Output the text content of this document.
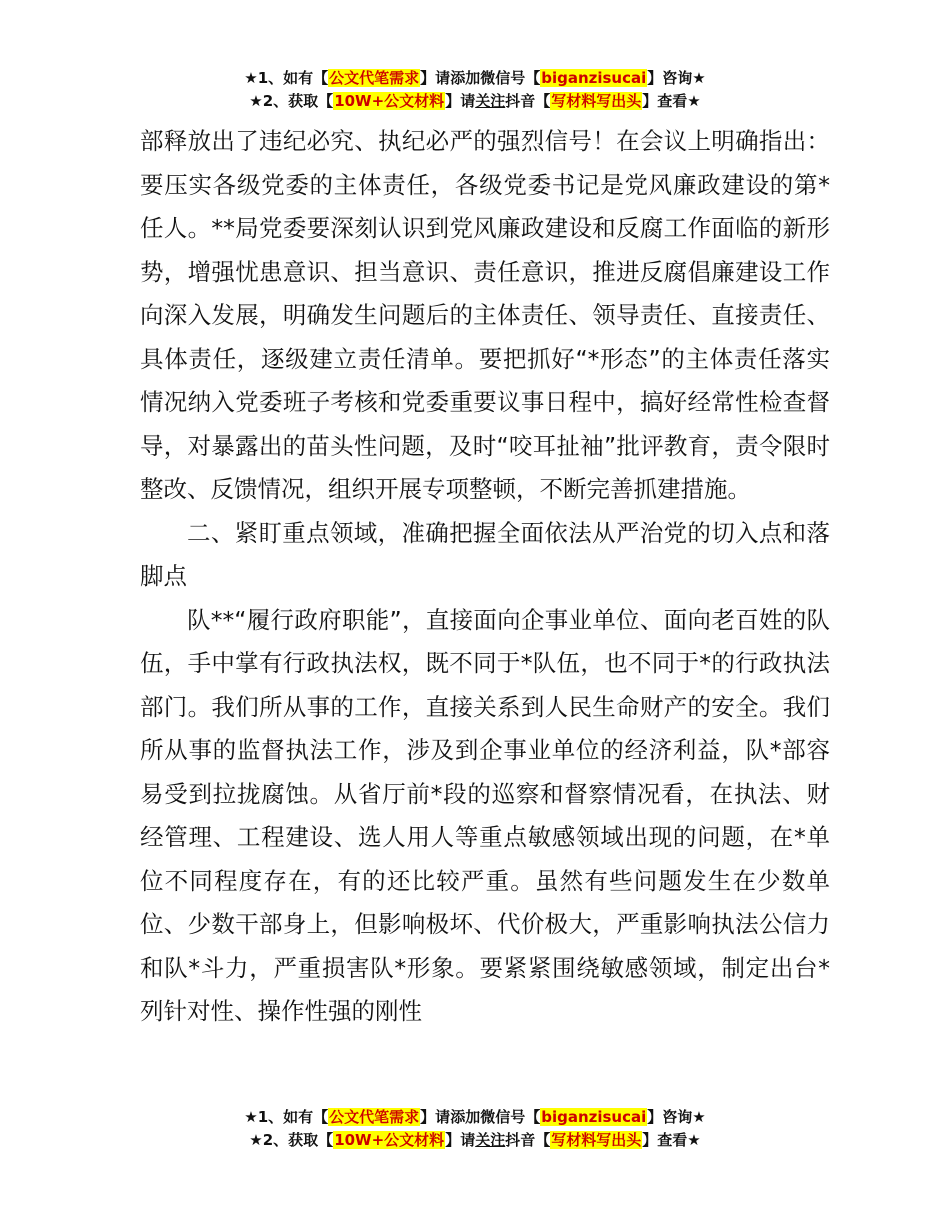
★1、如有【公文代笔需求】请添加微信号【biganzisucai】咨询★
★2、获取【10W+公文材料】请关注抖音【写材料写出头】查看★

部释放出了违纪必究、执纪必严的强烈信号！在会议上明确指出：要压实各级党委的主体责任，各级党委书记是党风廉政建设的第*任人。**局党委要深刻认识到党风廉政建设和反腐工作面临的新形势，增强忧患意识、担当意识、责任意识，推进反腐倡廉建设工作向深入发展，明确发生问题后的主体责任、领导责任、直接责任、具体责任，逐级建立责任清单。要把抓好“*形态”的主体责任落实情况纳入党委班子考核和党委重要议事日程中，搞好经常性检查督导，对暴露出的苗头性问题，及时“咬耳扯袖”批评教育，责令限时整改、反馈情况，组织开展专项整顿，不断完善抓建措施。

二、紧盯重点领域，准确把握全面依法从严治党的切入点和落脚点

队**“履行政府职能”，直接面向企事业单位、面向老百姓的队伍，手中掌有行政执法权，既不同于*队伍，也不同于*的行政执法部门。我们所从事的工作，直接关系到人民生命财产的安全。我们所从事的监督执法工作，涉及到企事业单位的经济利益，队*部容易受到拉拢腐蚀。从省厅前*段的巡察和督察情况看，在执法、财经管理、工程建设、选人用人等重点敏感领域出现的问题，在*单位不同程度存在，有的还比较严重。虽然有些问题发生在少数单位、少数干部身上，但影响极坏、代价极大，严重影响执法公信力和队*斗力，严重损害队*形象。要紧紧围绕敏感领域，制定出台*列针对性、操作性强的刚性

★1、如有【公文代笔需求】请添加微信号【biganzisucai】咨询★
★2、获取【10W+公文材料】请关注抖音【写材料写出头】查看★
